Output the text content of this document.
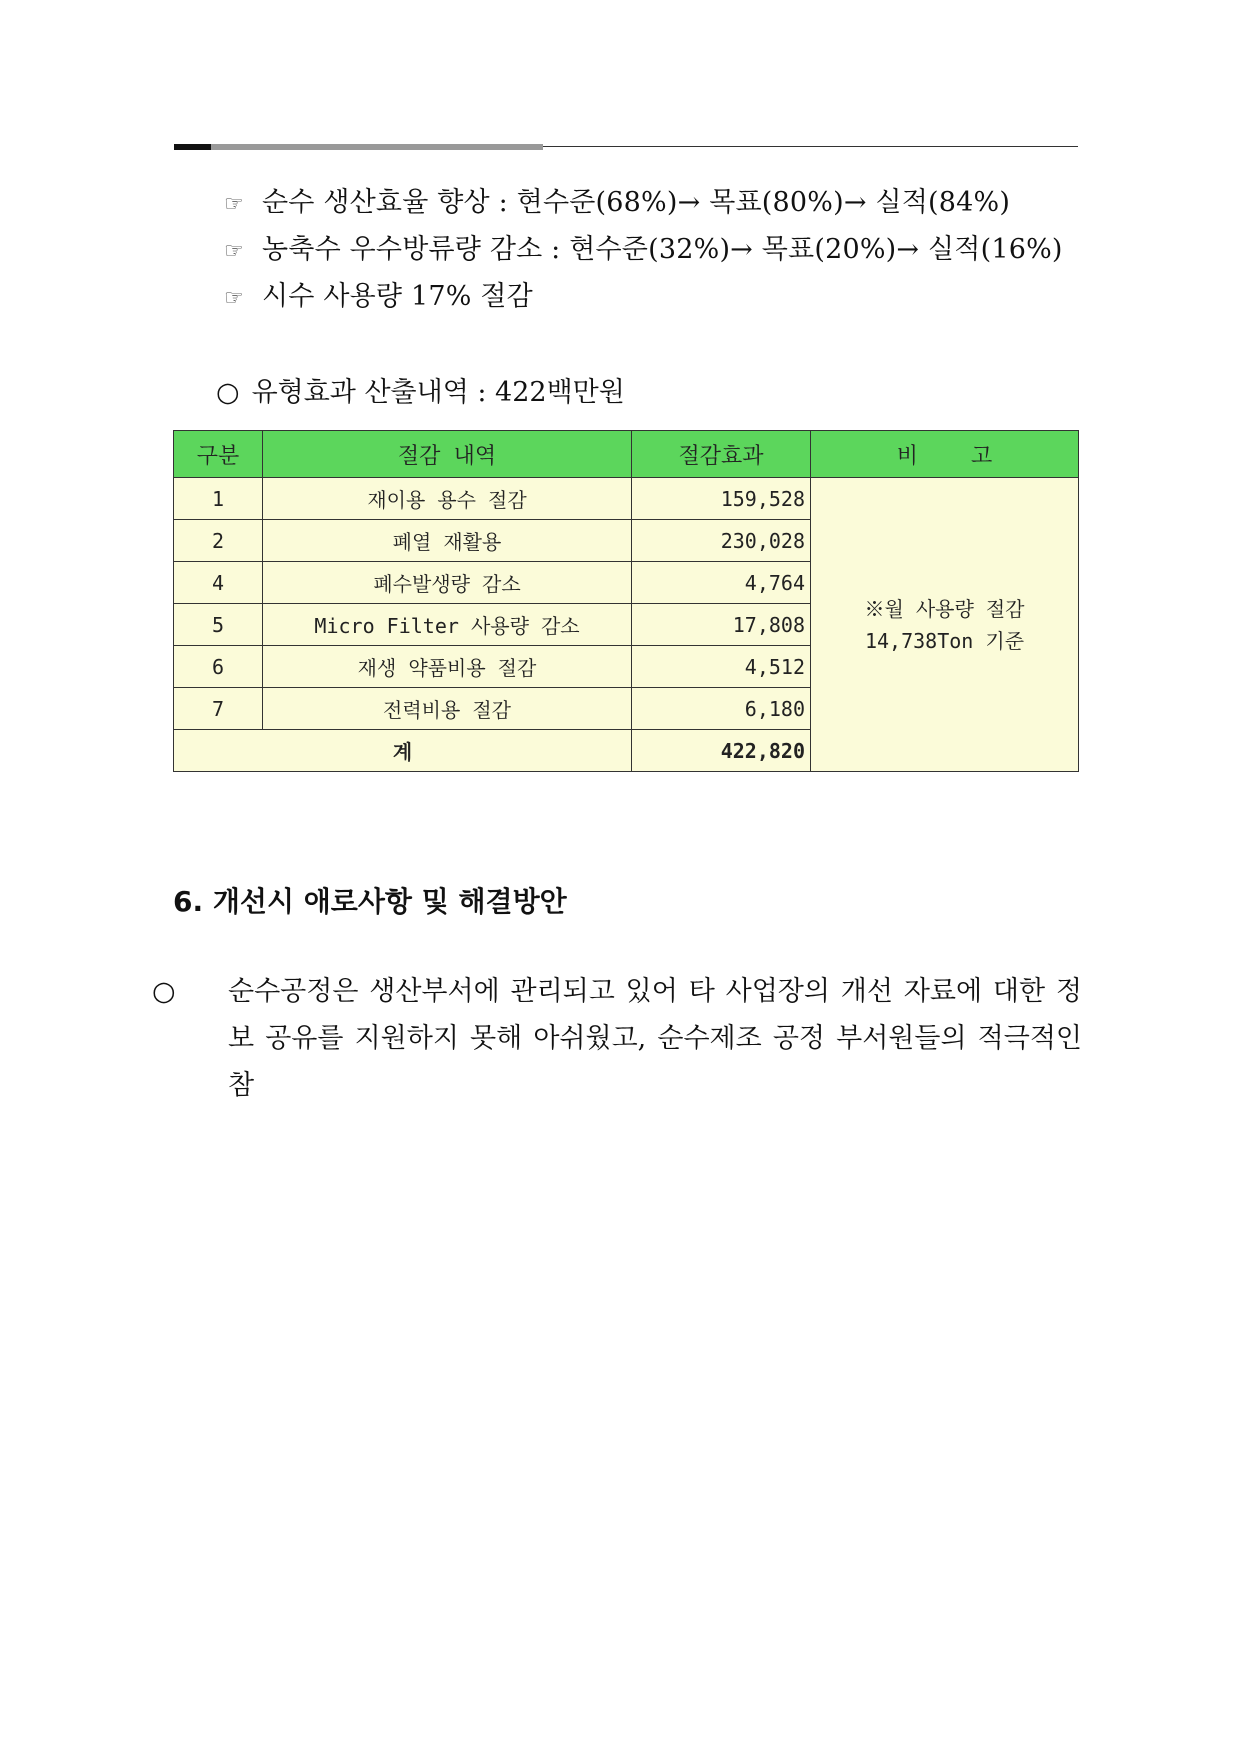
☞ 순수 생산효율 향상 : 현수준(68%)→ 목표(80%)→ 실적(84%)
☞ 농축수 우수방류량 감소 : 현수준(32%)→ 목표(20%)→ 실적(16%)
☞ 시수 사용량 17% 절감
○ 유형효과 산출내역 : 422백만원
구분	절감 내역	절감효과	비    고
1	재이용 용수 절감	159,528	※월 사용량 절감
14,738Ton 기준

2	폐열 재활용	230,028	
4	폐수발생량 감소	4,764	
5	Micro Filter 사용량 감소	17,808	
6	재생 약품비용 절감	4,512	
7	전력비용 절감	6,180	
계		422,820	
6. 개선시 애로사항 및 해결방안

○ 순수공정은 생산부서에 관리되고 있어 타 사업장의 개선 자료에 대한 정보 공유를 지원하지 못해 아쉬웠고, 순수제조 공정 부서원들의 적극적인 참
